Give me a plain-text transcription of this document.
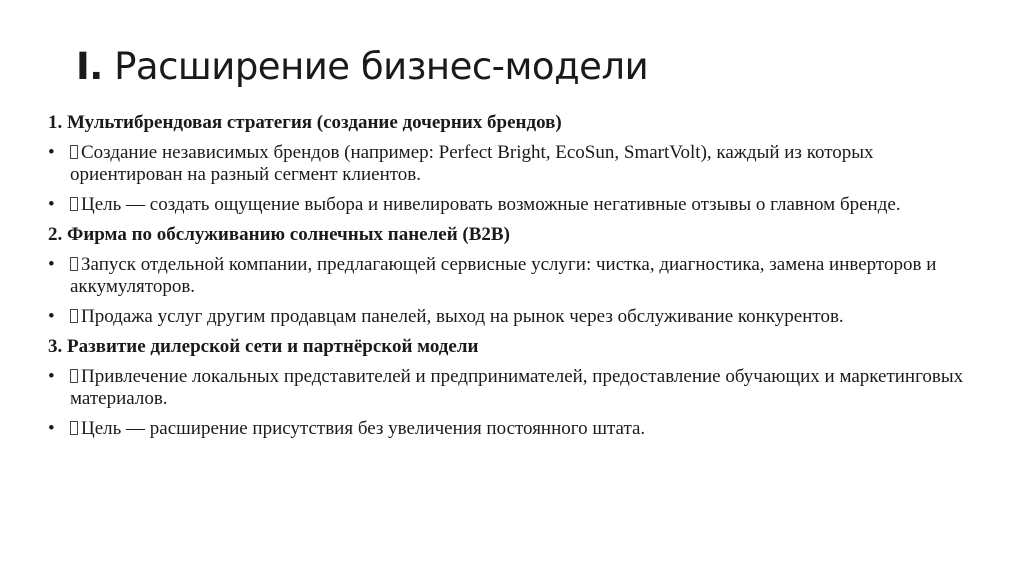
I. Расширение бизнес-модели

1. Мультибрендовая стратегия (создание дочерних брендов)

•	Создание независимых брендов (например: Perfect Bright, EcoSun, SmartVolt), каждый из которых ориентирован на разный сегмент клиентов.

•	Цель — создать ощущение выбора и нивелировать возможные негативные отзывы о главном бренде.

2. Фирма по обслуживанию солнечных панелей (B2B)

•	Запуск отдельной компании, предлагающей сервисные услуги: чистка, диагностика, замена инверторов и аккумуляторов.

•	Продажа услуг другим продавцам панелей, выход на рынок через обслуживание конкурентов.

3. Развитие дилерской сети и партнёрской модели

•	Привлечение локальных представителей и предпринимателей, предоставление обучающих и маркетинговых материалов.

•	Цель — расширение присутствия без увеличения постоянного штата.
